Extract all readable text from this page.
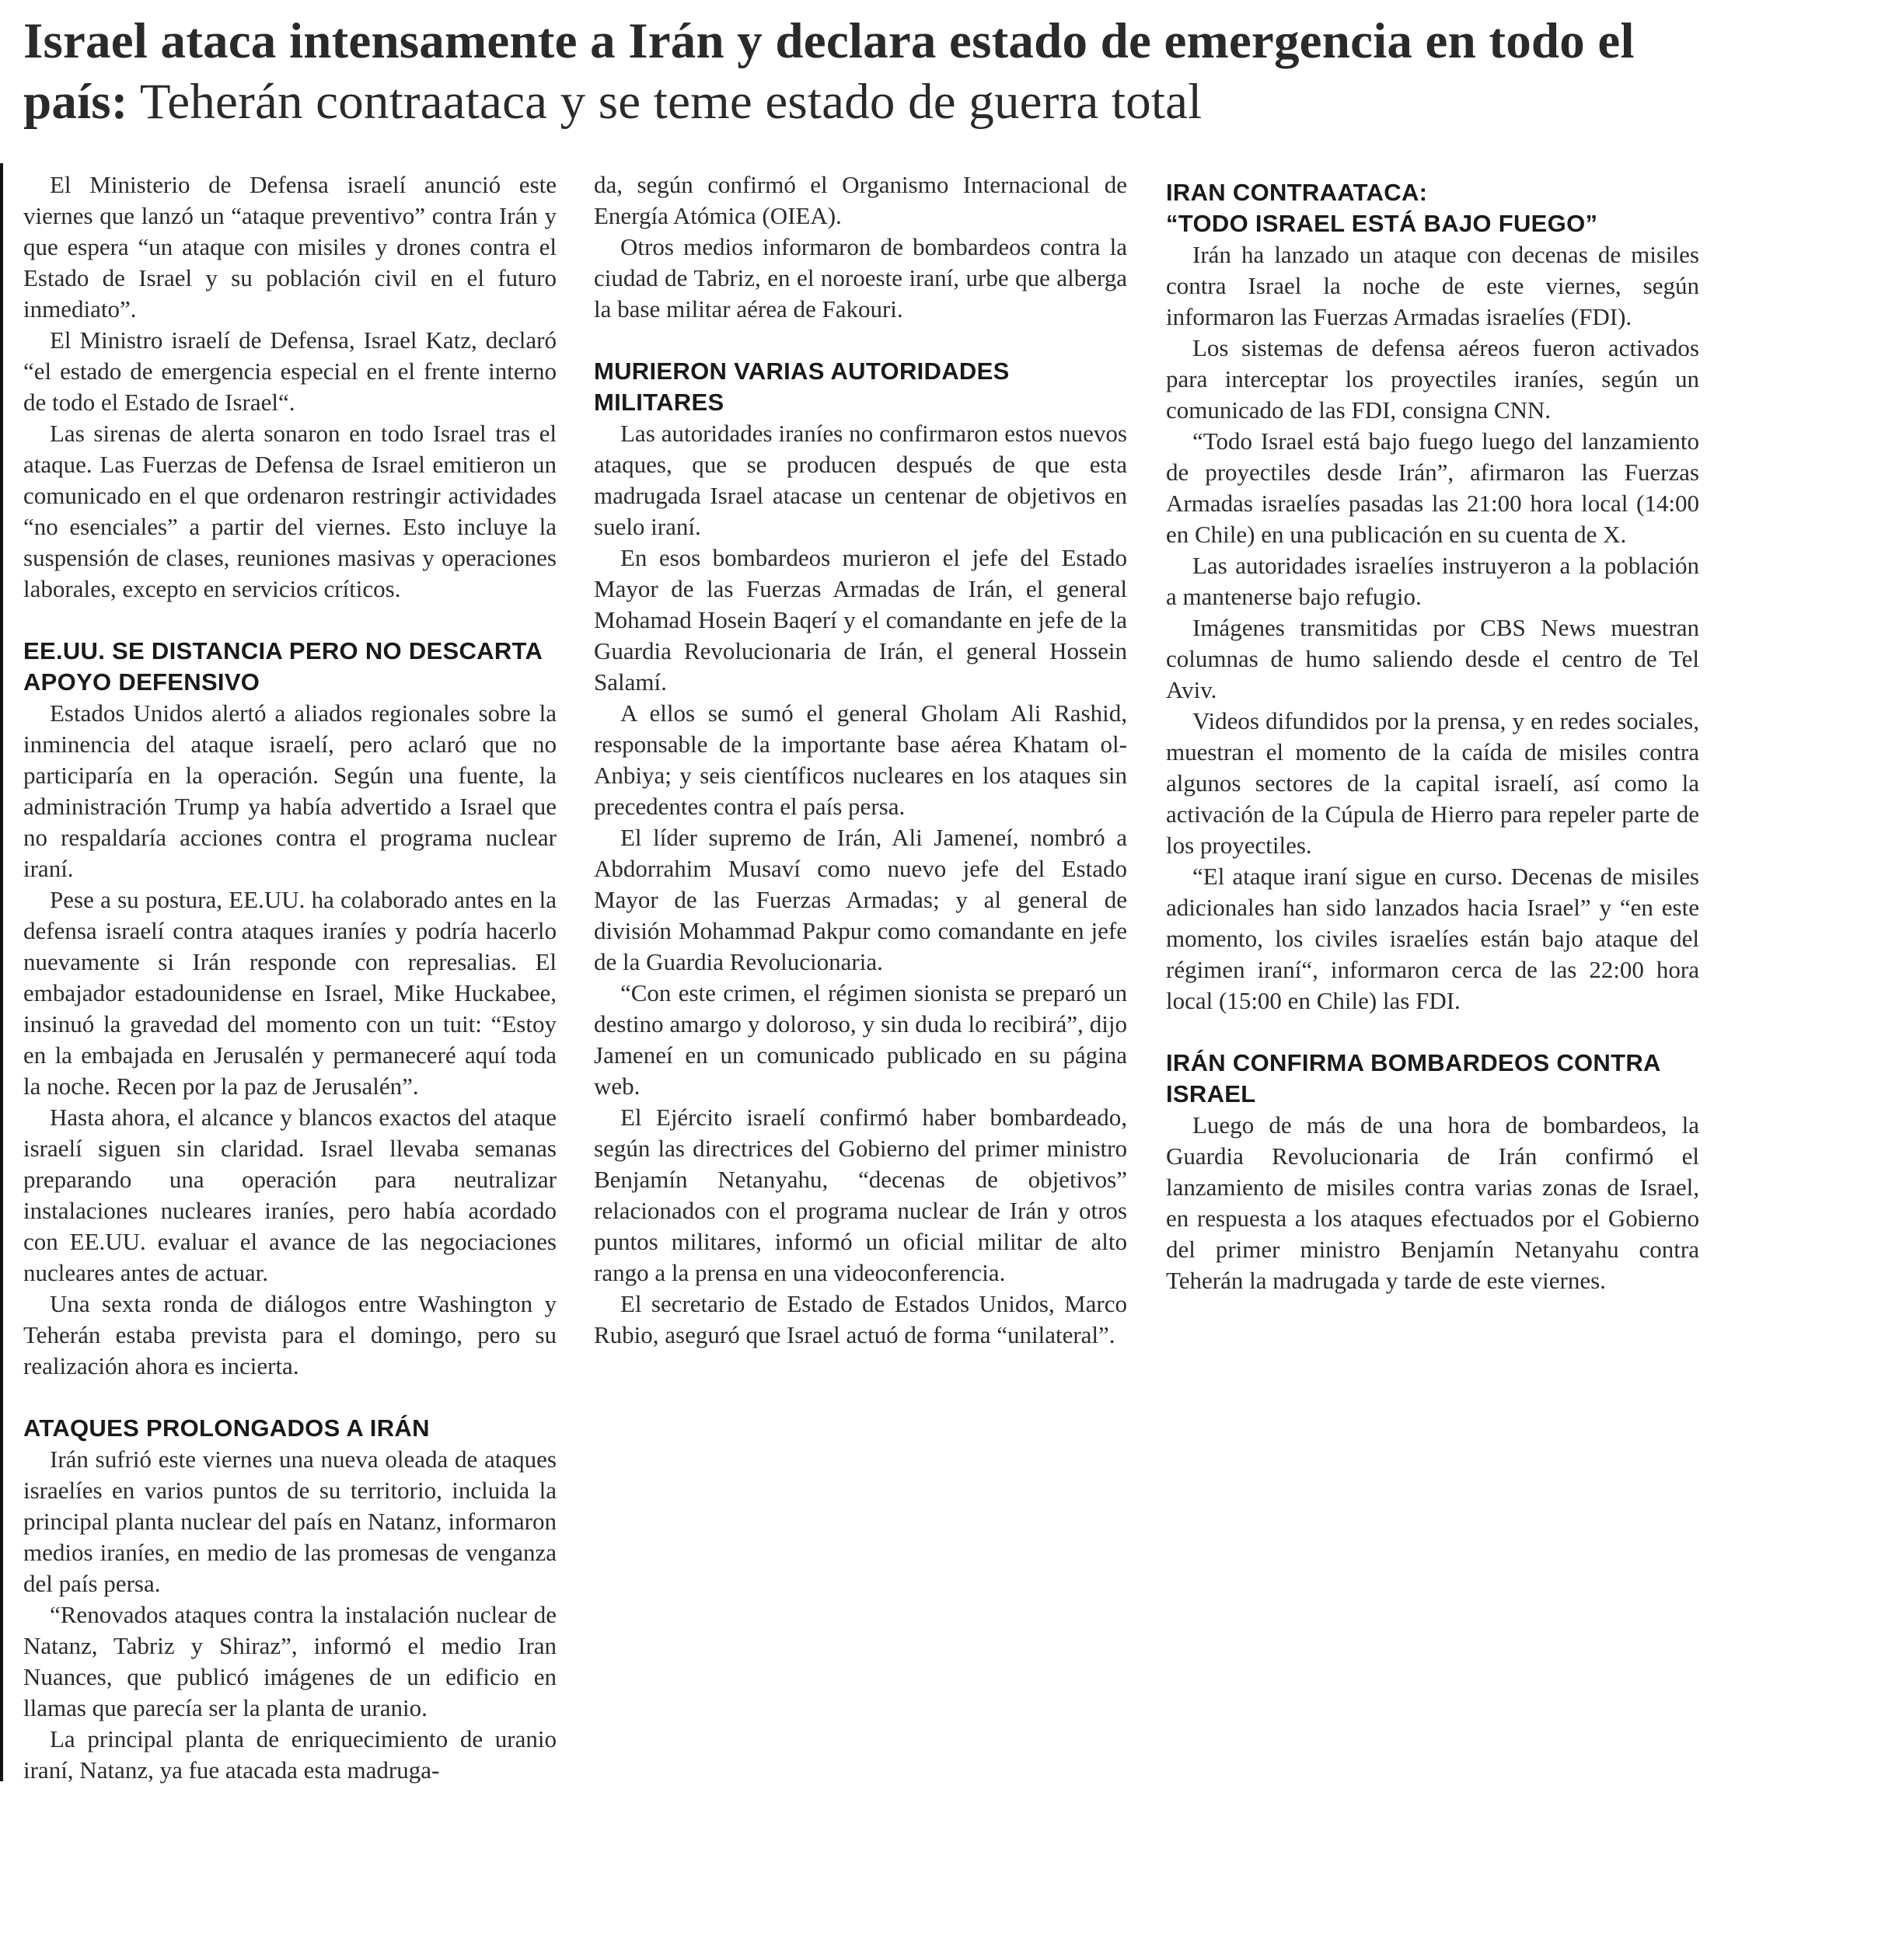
Israel ataca intensamente a Irán y declara estado de emergencia en todo el país: Teherán contraataca y se teme estado de guerra total

El Ministerio de Defensa israelí anunció este viernes que lanzó un “ataque preventivo” contra Irán y que espera “un ataque con misiles y drones contra el Estado de Israel y su población civil en el futuro inmediato”.

El Ministro israelí de Defensa, Israel Katz, declaró “el estado de emergencia especial en el frente interno de todo el Estado de Israel“.

Las sirenas de alerta sonaron en todo Israel tras el ataque. Las Fuerzas de Defensa de Israel emitieron un comunicado en el que ordenaron restringir actividades “no esenciales” a partir del viernes. Esto incluye la suspensión de clases, reuniones masivas y operaciones laborales, excepto en servicios críticos.

EE.UU. SE DISTANCIA PERO NO DESCARTA APOYO DEFENSIVO

Estados Unidos alertó a aliados regionales sobre la inminencia del ataque israelí, pero aclaró que no participaría en la operación. Según una fuente, la administración Trump ya había advertido a Israel que no respaldaría acciones contra el programa nuclear iraní.

Pese a su postura, EE.UU. ha colaborado antes en la defensa israelí contra ataques iraníes y podría hacerlo nuevamente si Irán responde con represalias. El embajador estadounidense en Israel, Mike Huckabee, insinuó la gravedad del momento con un tuit: “Estoy en la embajada en Jerusalén y permaneceré aquí toda la noche. Recen por la paz de Jerusalén”.

Hasta ahora, el alcance y blancos exactos del ataque israelí siguen sin claridad. Israel llevaba semanas preparando una operación para neutralizar instalaciones nucleares iraníes, pero había acordado con EE.UU. evaluar el avance de las negociaciones nucleares antes de actuar.

Una sexta ronda de diálogos entre Washington y Teherán estaba prevista para el domingo, pero su realización ahora es incierta.

ATAQUES PROLONGADOS A IRÁN

Irán sufrió este viernes una nueva oleada de ataques israelíes en varios puntos de su territorio, incluida la principal planta nuclear del país en Natanz, informaron medios iraníes, en medio de las promesas de venganza del país persa.

“Renovados ataques contra la instalación nuclear de Natanz, Tabriz y Shiraz”, informó el medio Iran Nuances, que publicó imágenes de un edificio en llamas que parecía ser la planta de uranio.

La principal planta de enriquecimiento de uranio iraní, Natanz, ya fue atacada esta madruga-

da, según confirmó el Organismo Internacional de Energía Atómica (OIEA).

Otros medios informaron de bombardeos contra la ciudad de Tabriz, en el noroeste iraní, urbe que alberga la base militar aérea de Fakouri.

MURIERON VARIAS AUTORIDADES MILITARES

Las autoridades iraníes no confirmaron estos nuevos ataques, que se producen después de que esta madrugada Israel atacase un centenar de objetivos en suelo iraní.

En esos bombardeos murieron el jefe del Estado Mayor de las Fuerzas Armadas de Irán, el general Mohamad Hosein Baqerí y el comandante en jefe de la Guardia Revolucionaria de Irán, el general Hossein Salamí.

A ellos se sumó el general Gholam Ali Rashid, responsable de la importante base aérea Khatam ol-Anbiya; y seis científicos nucleares en los ataques sin precedentes contra el país persa.

El líder supremo de Irán, Ali Jameneí, nombró a Abdorrahim Musaví como nuevo jefe del Estado Mayor de las Fuerzas Armadas; y al general de división Mohammad Pakpur como comandante en jefe de la Guardia Revolucionaria.

“Con este crimen, el régimen sionista se preparó un destino amargo y doloroso, y sin duda lo recibirá”, dijo Jameneí en un comunicado publicado en su página web.

El Ejército israelí confirmó haber bombardeado, según las directrices del Gobierno del primer ministro Benjamín Netanyahu, “decenas de objetivos” relacionados con el programa nuclear de Irán y otros puntos militares, informó un oficial militar de alto rango a la prensa en una videoconferencia.

El secretario de Estado de Estados Unidos, Marco Rubio, aseguró que Israel actuó de forma “unilateral”.

IRAN CONTRAATACA:
“TODO ISRAEL ESTÁ BAJO FUEGO”

Irán ha lanzado un ataque con decenas de misiles contra Israel la noche de este viernes, según informaron las Fuerzas Armadas israelíes (FDI).

Los sistemas de defensa aéreos fueron activados para interceptar los proyectiles iraníes, según un comunicado de las FDI, consigna CNN.

“Todo Israel está bajo fuego luego del lanzamiento de proyectiles desde Irán”, afirmaron las Fuerzas Armadas israelíes pasadas las 21:00 hora local (14:00 en Chile) en una publicación en su cuenta de X.

Las autoridades israelíes instruyeron a la población a mantenerse bajo refugio.

Imágenes transmitidas por CBS News muestran columnas de humo saliendo desde el centro de Tel Aviv.

Videos difundidos por la prensa, y en redes sociales, muestran el momento de la caída de misiles contra algunos sectores de la capital israelí, así como la activación de la Cúpula de Hierro para repeler parte de los proyectiles.

“El ataque iraní sigue en curso. Decenas de misiles adicionales han sido lanzados hacia Israel” y “en este momento, los civiles israelíes están bajo ataque del régimen iraní“, informaron cerca de las 22:00 hora local (15:00 en Chile) las FDI.

IRÁN CONFIRMA BOMBARDEOS CONTRA ISRAEL

Luego de más de una hora de bombardeos, la Guardia Revolucionaria de Irán confirmó el lanzamiento de misiles contra varias zonas de Israel, en respuesta a los ataques efectuados por el Gobierno del primer ministro Benjamín Netanyahu contra Teherán la madrugada y tarde de este viernes.
